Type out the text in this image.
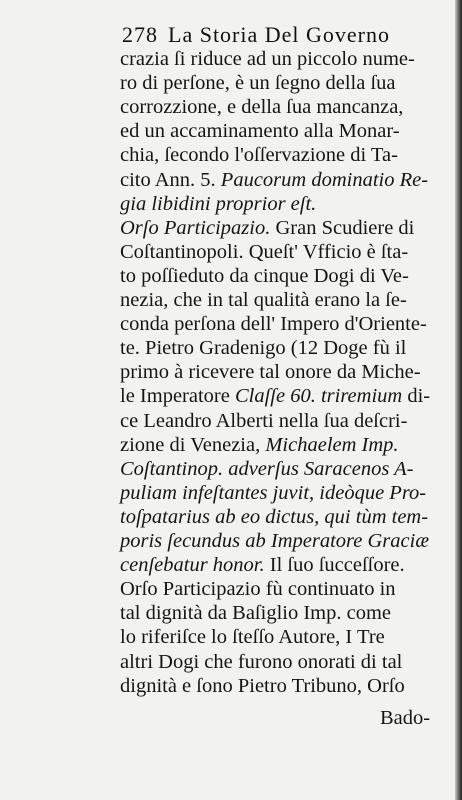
278 La Storia Del Governo
crazia ſi riduce ad un piccolo nume-
ro di perſone, è un ſegno della ſua
corrozzione, e della ſua mancanza,
ed un accaminamento alla Monar-
chia, ſecondo l'oſſervazione di Ta-
cito Ann. 5. Paucorum dominatio Re-
gia libidini proprior eſt.
Orſo Participazio. Gran Scudiere di
Coſtantinopoli. Queſt' Vfficio è ſta-
to poſſieduto da cinque Dogi di Ve-
nezia, che in tal qualità erano la ſe-
conda perſona dell' Impero d'Oriente-
te. Pietro Gradenigo (12 Doge fù il
primo à ricevere tal onore da Miche-
le Imperatore Claſſe 60. triremium di-
ce Leandro Alberti nella ſua deſcri-
zione di Venezia, Michaelem Imp.
Coſtantinop. adverſus Saracenos A-
puliam infeſtantes juvit, ideòque Pro-
toſpatarius ab eo dictus, qui tùm tem-
poris ſecundus ab Imperatore Graciæ
cenſebatur honor. Il ſuo ſucceſſore.
Orſo Participazio fù continuato in
tal dignità da Baſiglio Imp. come
lo riferiſce lo ſteſſo Autore, I Tre
altri Dogi che furono onorati di tal
dignità e ſono Pietro Tribuno, Orſo
Bado-
